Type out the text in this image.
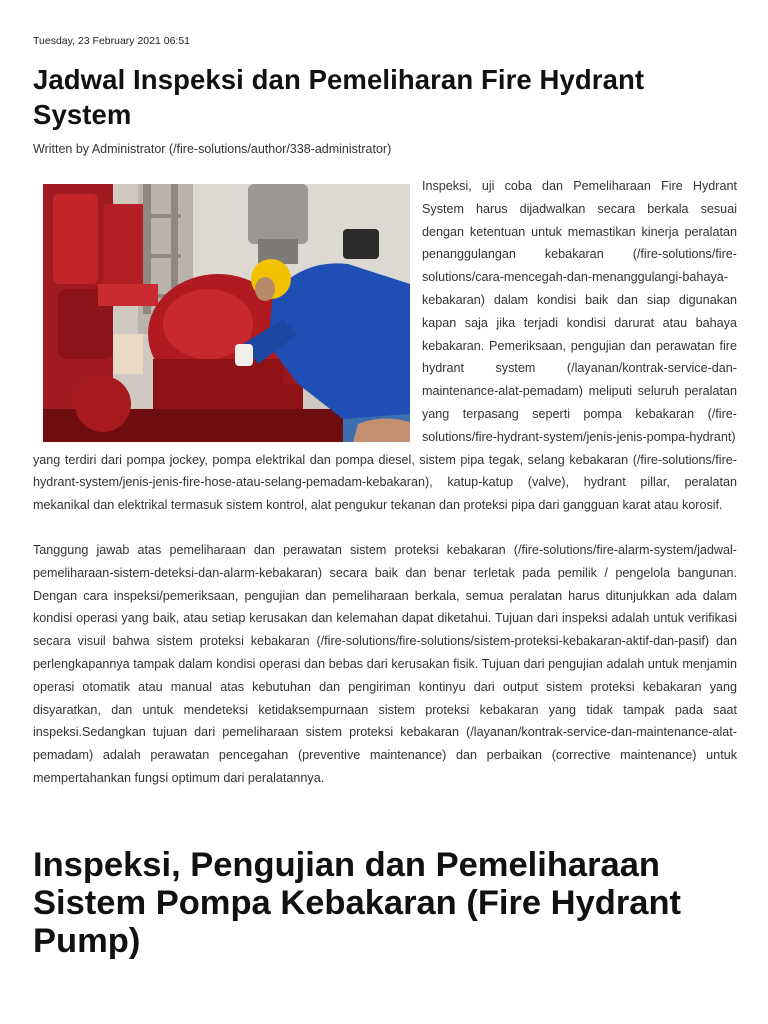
Tuesday, 23 February 2021 06:51
Jadwal Inspeksi dan Pemeliharan Fire Hydrant System
Written by Administrator (/fire-solutions/author/338-administrator)

Inspeksi, uji coba dan Pemeliharaan Fire Hydrant System harus dijadwalkan secara berkala sesuai dengan ketentuan untuk memastikan kinerja peralatan penanggulangan kebakaran (/fire-solutions/fire-solutions/cara-mencegah-dan-menanggulangi-bahaya-kebakaran) dalam kondisi baik dan siap digunakan kapan saja jika terjadi kondisi darurat atau bahaya kebakaran. Pemeriksaan, pengujian dan perawatan fire hydrant system (/layanan/kontrak-service-dan-maintenance-alat-pemadam) meliputi seluruh peralatan yang terpasang seperti pompa kebakaran (/fire-solutions/fire-hydrant-system/jenis-jenis-pompa-hydrant) yang terdiri dari pompa jockey, pompa elektrikal dan pompa diesel, sistem pipa tegak, selang kebakaran (/fire-solutions/fire-hydrant-system/jenis-jenis-fire-hose-atau-selang-pemadam-kebakaran), katup-katup (valve), hydrant pillar, peralatan mekanikal dan elektrikal termasuk sistem kontrol, alat pengukur tekanan dan proteksi pipa dari gangguan karat atau korosif.

Tanggung jawab atas pemeliharaan dan perawatan sistem proteksi kebakaran (/fire-solutions/fire-alarm-system/jadwal-pemeliharaan-sistem-deteksi-dan-alarm-kebakaran) secara baik dan benar terletak pada pemilik / pengelola bangunan. Dengan cara inspeksi/pemeriksaan, pengujian dan pemeliharaan berkala, semua peralatan harus ditunjukkan ada dalam kondisi operasi yang baik, atau setiap kerusakan dan kelemahan dapat diketahui. Tujuan dari inspeksi adalah untuk verifikasi secara visuil bahwa sistem proteksi kebakaran (/fire-solutions/fire-solutions/sistem-proteksi-kebakaran-aktif-dan-pasif) dan perlengkapannya tampak dalam kondisi operasi dan bebas dari kerusakan fisik. Tujuan dari pengujian adalah untuk menjamin operasi otomatik atau manual atas kebutuhan dan pengiriman kontinyu dari output sistem proteksi kebakaran yang disyaratkan, dan untuk mendeteksi ketidaksempurnaan sistem proteksi kebakaran yang tidak tampak pada saat inspeksi.Sedangkan tujuan dari pemeliharaan sistem proteksi kebakaran (/layanan/kontrak-service-dan-maintenance-alat-pemadam) adalah perawatan pencegahan (preventive maintenance) dan perbaikan (corrective maintenance) untuk mempertahankan fungsi optimum dari peralatannya.

Inspeksi, Pengujian dan Pemeliharaan Sistem Pompa Kebakaran (Fire Hydrant Pump)
